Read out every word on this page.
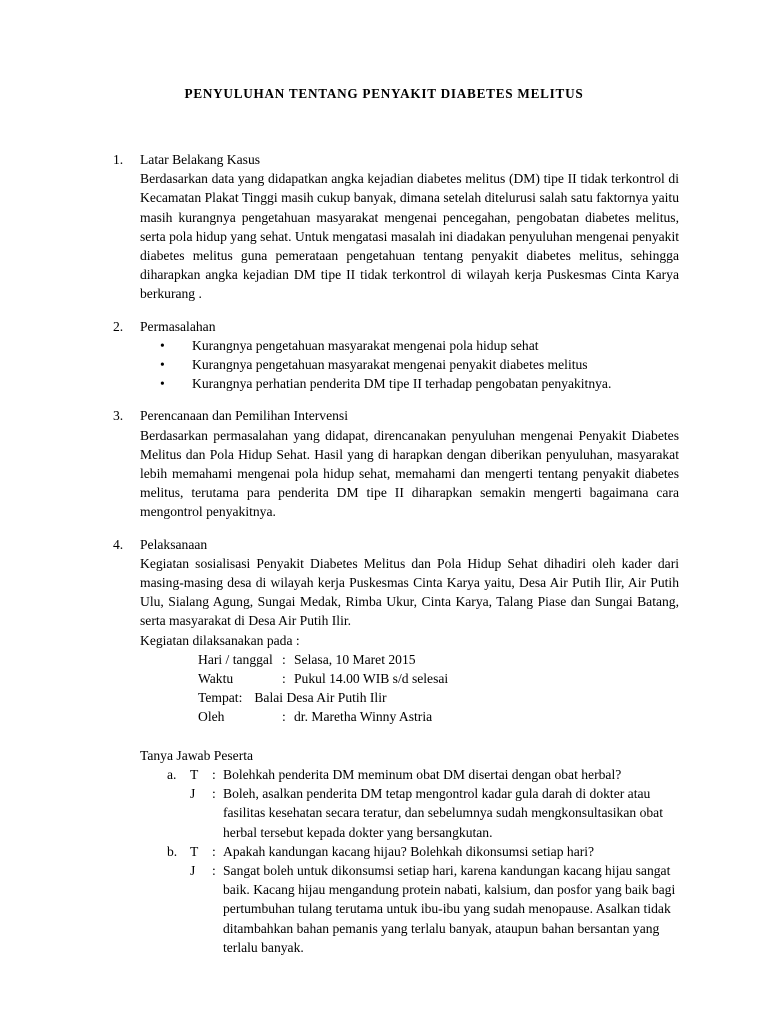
PENYULUHAN TENTANG PENYAKIT DIABETES MELITUS
1.	Latar Belakang Kasus
Berdasarkan data yang didapatkan angka kejadian diabetes melitus (DM) tipe II tidak terkontrol di Kecamatan Plakat Tinggi masih cukup banyak, dimana setelah ditelurusi salah satu faktornya yaitu masih kurangnya pengetahuan masyarakat mengenai pencegahan, pengobatan diabetes melitus, serta pola hidup yang sehat. Untuk mengatasi masalah ini diadakan penyuluhan mengenai penyakit diabetes melitus guna pemerataan pengetahuan tentang penyakit diabetes melitus, sehingga diharapkan angka kejadian DM tipe II tidak terkontrol di wilayah kerja Puskesmas Cinta Karya berkurang .
2.	Permasalahan
• Kurangnya pengetahuan masyarakat mengenai pola hidup sehat
• Kurangnya pengetahuan masyarakat mengenai penyakit diabetes melitus
• Kurangnya perhatian penderita DM tipe II terhadap pengobatan penyakitnya.
3.	Perencanaan dan Pemilihan Intervensi
Berdasarkan permasalahan yang didapat, direncanakan penyuluhan mengenai Penyakit Diabetes Melitus dan Pola Hidup Sehat. Hasil yang di harapkan dengan diberikan penyuluhan, masyarakat lebih memahami mengenai pola hidup sehat, memahami dan mengerti tentang penyakit diabetes melitus, terutama para penderita DM tipe II diharapkan semakin mengerti bagaimana cara mengontrol penyakitnya.
4.	Pelaksanaan
Kegiatan sosialisasi Penyakit Diabetes Melitus dan Pola Hidup Sehat dihadiri oleh kader dari masing-masing desa di wilayah kerja Puskesmas Cinta Karya yaitu, Desa Air Putih Ilir, Air Putih Ulu, Sialang Agung, Sungai Medak, Rimba Ukur, Cinta Karya, Talang Piase dan Sungai Batang, serta masyarakat di Desa Air Putih Ilir.
Kegiatan dilaksanakan pada :
Hari / tanggal : Selasa, 10 Maret 2015
Waktu	: Pukul 14.00 WIB s/d selesai
Tempat: Balai Desa Air Putih Ilir
Oleh	: dr. Maretha Winny Astria
Tanya Jawab Peserta
a. T : Bolehkah penderita DM meminum obat DM disertai dengan obat herbal?
J : Boleh, asalkan penderita DM tetap mengontrol kadar gula darah di dokter atau fasilitas kesehatan secara teratur, dan sebelumnya sudah mengkonsultasikan obat herbal tersebut kepada dokter yang bersangkutan.
b. T : Apakah kandungan kacang hijau? Bolehkah dikonsumsi setiap hari?
J : Sangat boleh untuk dikonsumsi setiap hari, karena kandungan kacang hijau sangat baik. Kacang hijau mengandung protein nabati, kalsium, dan posfor yang baik bagi pertumbuhan tulang terutama untuk ibu-ibu yang sudah menopause. Asalkan tidak ditambahkan bahan pemanis yang terlalu banyak, ataupun bahan bersantan yang terlalu banyak.
